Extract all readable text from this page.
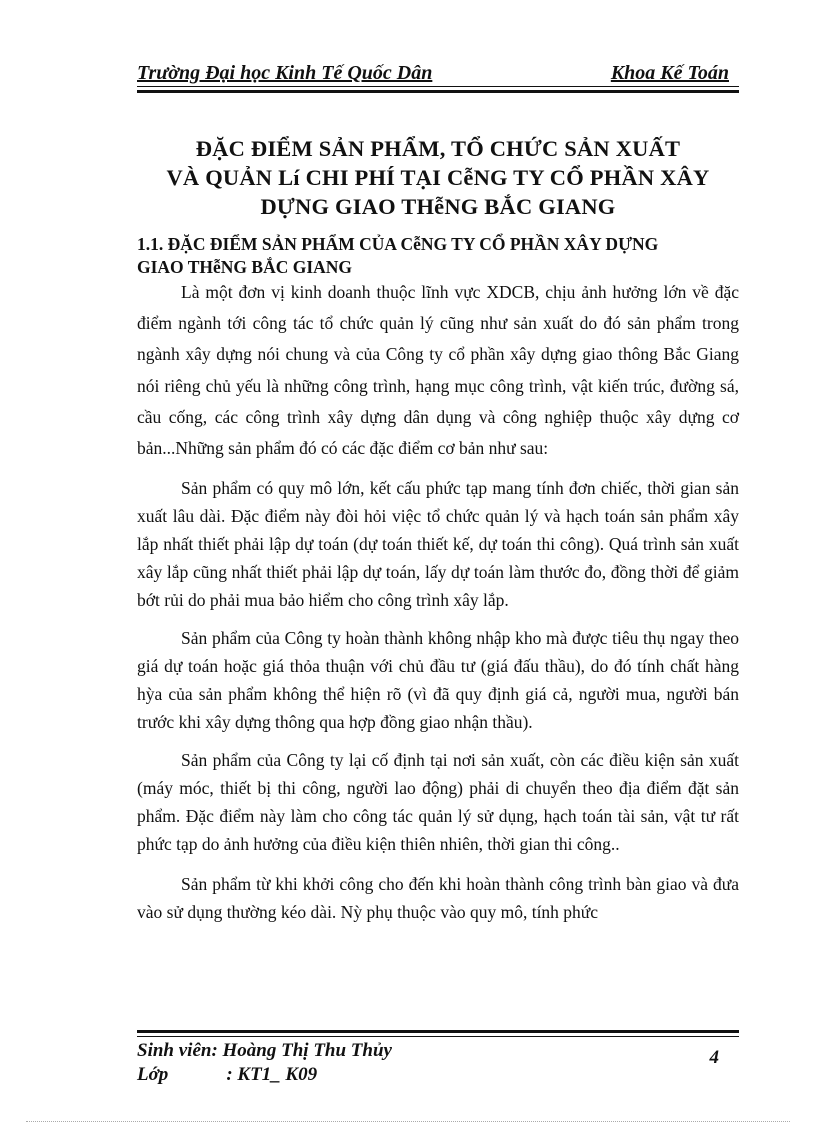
Trường Đại học Kinh Tế Quốc Dân	Khoa Kế Toán
ĐẶC ĐIỂM SẢN PHẨM, TỔ CHỨC SẢN XUẤT
VÀ QUẢN Lí CHI PHÍ TẠI CễNG TY CỔ PHẦN XÂY
DỰNG GIAO THễNG BẮC GIANG
1.1. ĐẶC ĐIỂM SẢN PHẨM CỦA CễNG TY CỔ PHẦN XÂY DỰNG
GIAO THễNG BẮC GIANG

Là một đơn vị kinh doanh thuộc lĩnh vực XDCB, chịu ảnh hưởng lớn về đặc điểm ngành tới công tác tổ chức quản lý cũng như sản xuất do đó sản phẩm trong ngành xây dựng nói chung và của Công ty cổ phần xây dựng giao thông Bắc Giang nói riêng chủ yếu là những công trình, hạng mục công trình, vật kiến trúc, đường sá, cầu cống, các công trình xây dựng dân dụng và công nghiệp thuộc xây dựng cơ bản...Những sản phẩm đó có các đặc điểm cơ bản như sau:

Sản phẩm có quy mô lớn, kết cấu phức tạp mang tính đơn chiếc, thời gian sản xuất lâu dài. Đặc điểm này đòi hỏi việc tổ chức quản lý và hạch toán sản phẩm xây lắp nhất thiết phải lập dự toán (dự toán thiết kế, dự toán thi công). Quá trình sản xuất xây lắp cũng nhất thiết phải lập dự toán, lấy dự toán làm thước đo, đồng thời để giảm bớt rủi do phải mua bảo hiểm cho công trình xây lắp.

Sản phẩm của Công ty hoàn thành không nhập kho mà được tiêu thụ ngay theo giá dự toán hoặc giá thỏa thuận với chủ đầu tư (giá đấu thầu), do đó tính chất hàng hỳa của sản phẩm không thể hiện rõ (vì đã quy định giá cả, người mua, người bán trước khi xây dựng thông qua hợp đồng giao nhận thầu).

Sản phẩm của Công ty lại cố định tại nơi sản xuất, còn các điều kiện sản xuất (máy móc, thiết bị thi công, người lao động) phải di chuyển theo địa điểm đặt sản phẩm. Đặc điểm này làm cho công tác quản lý sử dụng, hạch toán tài sản, vật tư rất phức tạp do ảnh hưởng của điều kiện thiên nhiên, thời gian thi công..

Sản phẩm từ khi khởi công cho đến khi hoàn thành công trình bàn giao và đưa vào sử dụng thường kéo dài. Nỳ phụ thuộc vào quy mô, tính phức

Sinh viên: Hoàng Thị Thu Thủy
Lớp	: KT1_ K09
4
